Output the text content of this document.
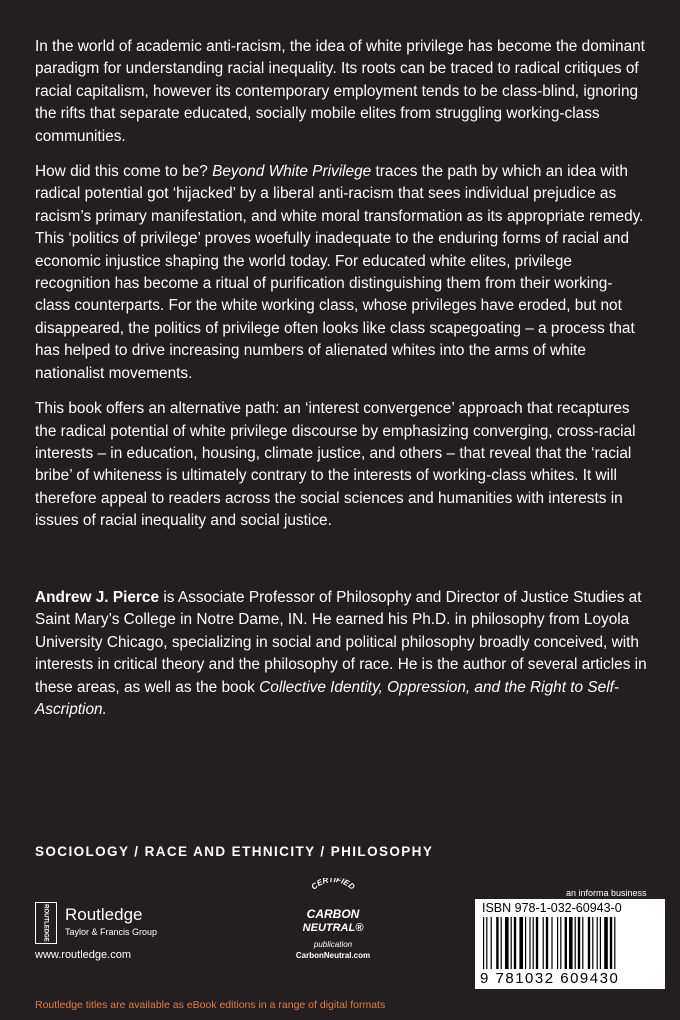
In the world of academic anti-racism, the idea of white privilege has become the dominant paradigm for understanding racial inequality. Its roots can be traced to radical critiques of racial capitalism, however its contemporary employment tends to be class-blind, ignoring the rifts that separate educated, socially mobile elites from struggling working-class communities.

How did this come to be? Beyond White Privilege traces the path by which an idea with radical potential got ‘hijacked’ by a liberal anti-racism that sees individual prejudice as racism’s primary manifestation, and white moral transformation as its appropriate remedy. This ‘politics of privilege’ proves woefully inadequate to the enduring forms of racial and economic injustice shaping the world today. For educated white elites, privilege recognition has become a ritual of purification distinguishing them from their working-class counterparts. For the white working class, whose privileges have eroded, but not disappeared, the politics of privilege often looks like class scapegoating – a process that has helped to drive increasing numbers of alienated whites into the arms of white nationalist movements.

This book offers an alternative path: an ‘interest convergence’ approach that recaptures the radical potential of white privilege discourse by emphasizing converging, cross-racial interests – in education, housing, climate justice, and others – that reveal that the ‘racial bribe’ of whiteness is ultimately contrary to the interests of working-class whites. It will therefore appeal to readers across the social sciences and humanities with interests in issues of racial inequality and social justice.

Andrew J. Pierce is Associate Professor of Philosophy and Director of Justice Studies at Saint Mary’s College in Notre Dame, IN. He earned his Ph.D. in philosophy from Loyola University Chicago, specializing in social and political philosophy broadly conceived, with interests in critical theory and the philosophy of race. He is the author of several articles in these areas, as well as the book Collective Identity, Oppression, and the Right to Self-Ascription.

SOCIOLOGY / RACE AND ETHNICITY / PHILOSOPHY
an informa business
ROUTLEDGE Routledge
Taylor & Francis Group
www.routledge.com
CERTIFIED
CARBON
NEUTRAL®
publication
CarbonNeutral.com
ISBN 978-1-032-60943-0
9 781032 609430
Routledge titles are available as eBook editions in a range of digital formats
